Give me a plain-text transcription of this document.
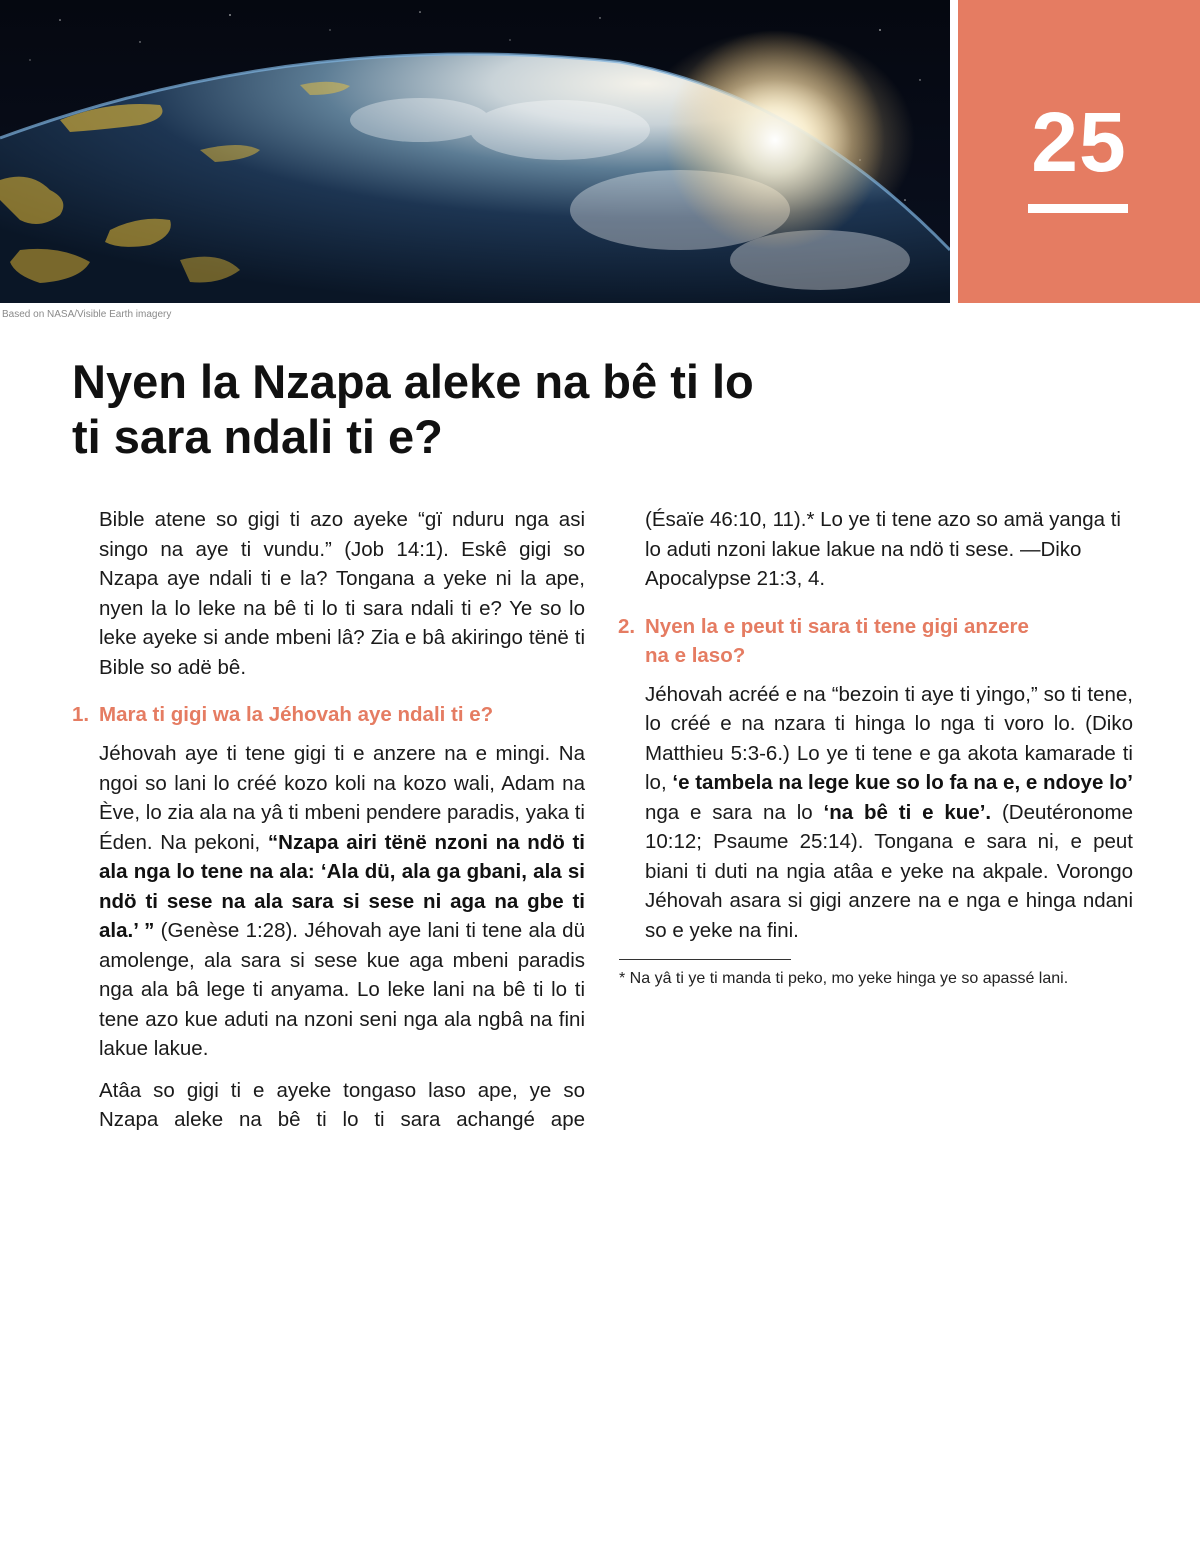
25
Based on NASA/Visible Earth imagery
Nyen la Nzapa aleke na bê ti lo
ti sara ndali ti e?

Bible atene so gigi ti azo ayeke “gï nduru nga asi singo na aye ti vundu.” (Job 14:1). Eskê gigi so Nzapa aye ndali ti e la? Tongana a yeke ni la ape, nyen la lo leke na bê ti lo ti sara ndali ti e? Ye so lo leke ayeke si ande mbeni lâ? Zia e bâ akiringo tënë ti Bible so adë bê.

1. Mara ti gigi wa la Jéhovah aye ndali ti e?

Jéhovah aye ti tene gigi ti e anzere na e mingi. Na ngoi so lani lo créé kozo koli na kozo wali, Adam na Ève, lo zia ala na yâ ti mbeni pendere paradis, yaka ti Éden. Na pekoni, “Nzapa airi tënë nzoni na ndö ti ala nga lo tene na ala: ‘Ala dü, ala ga gbani, ala si ndö ti sese na ala sara si sese ni aga na gbe ti ala.’ ” (Genèse 1:28). Jéhovah aye lani ti tene ala dü amolenge, ala sara si sese kue aga mbeni paradis nga ala bâ lege ti anyama. Lo leke lani na bê ti lo ti tene azo kue aduti na nzoni seni nga ala ngbâ na fini lakue lakue.

Atâa so gigi ti e ayeke tongaso laso ape, ye so Nzapa aleke na bê ti lo ti sara achangé ape

(Ésaïe 46:10, 11).* Lo ye ti tene azo so amä yanga ti lo aduti nzoni lakue lakue na ndö ti sese. —Diko Apocalypse 21:3, 4.

2. Nyen la e peut ti sara ti tene gigi anzere
na e laso?

Jéhovah acréé e na “bezoin ti aye ti yingo,” so ti tene, lo créé e na nzara ti hinga lo nga ti voro lo. (Diko Matthieu 5:3-6.) Lo ye ti tene e ga akota kamarade ti lo, ‘e tambela na lege kue so lo fa na e, e ndoye lo’ nga e sara na lo ‘na bê ti e kue’. (Deutéronome 10:12; Psaume 25:14). Tongana e sara ni, e peut biani ti duti na ngia atâa e yeke na akpale. Vorongo Jéhovah asara si gigi anzere na e nga e hinga ndani so e yeke na fini.

* Na yâ ti ye ti manda ti peko, mo yeke hinga ye so apassé lani.
